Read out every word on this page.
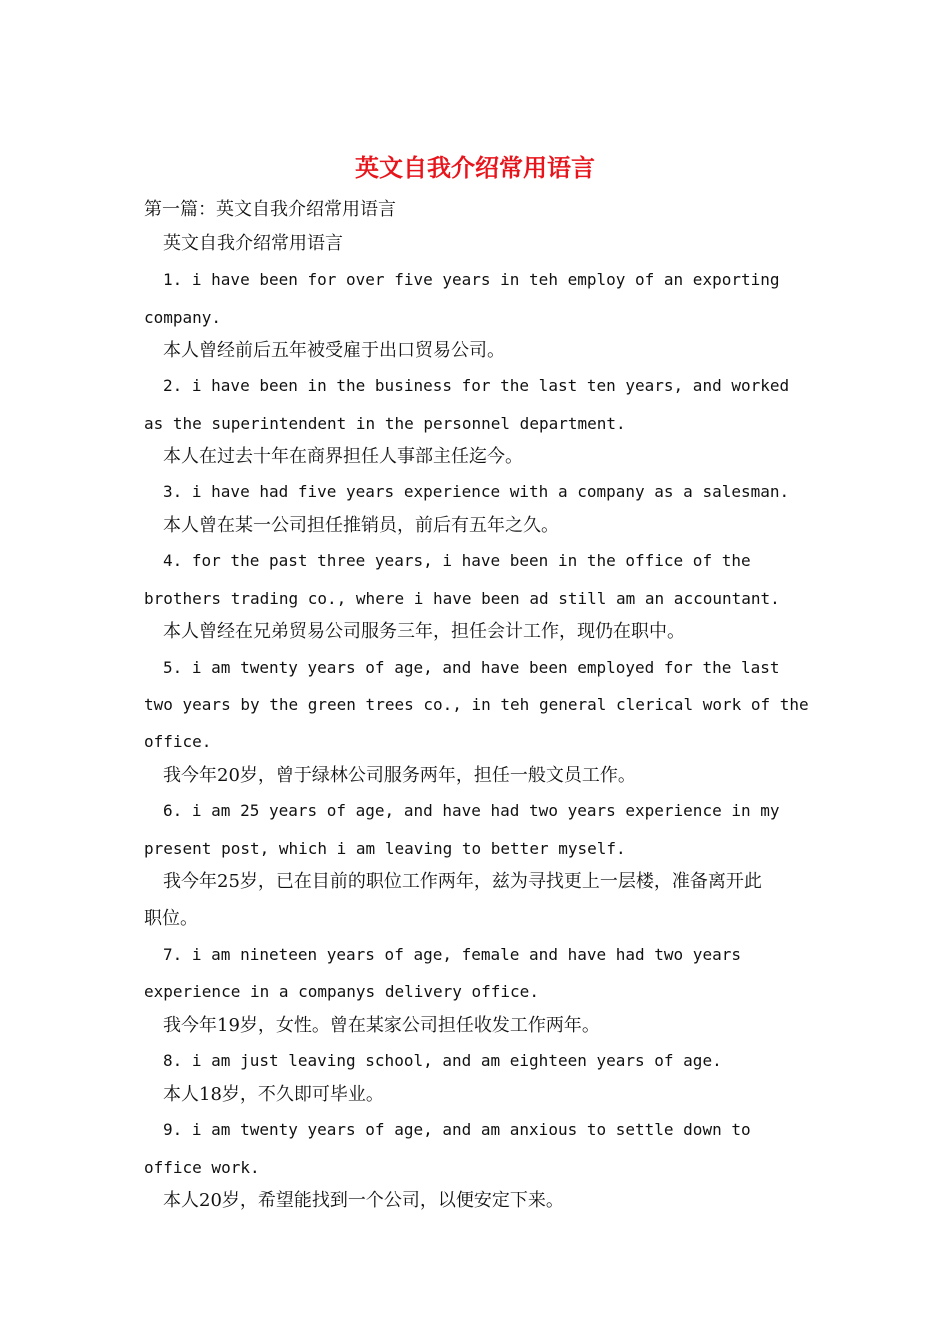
英文自我介绍常用语言

第一篇：英文自我介绍常用语言

英文自我介绍常用语言

1. i have been for over five years in teh employ of an exporting

company.

本人曾经前后五年被受雇于出口贸易公司。

2. i have been in the business for the last ten years, and worked

as the superintendent in the personnel department.

本人在过去十年在商界担任人事部主任迄今。

3. i have had five years experience with a company as a salesman.

本人曾在某一公司担任推销员，前后有五年之久。

4. for the past three years, i have been in the office of the

brothers trading co., where i have been ad still am an accountant.

本人曾经在兄弟贸易公司服务三年，担任会计工作，现仍在职中。

5. i am twenty years of age, and have been employed for the last

two years by the green trees co., in teh general clerical work of the

office.

我今年20岁，曾于绿林公司服务两年，担任一般文员工作。

6. i am 25 years of age, and have had two years experience in my

present post, which i am leaving to better myself.

我今年25岁，已在目前的职位工作两年，兹为寻找更上一层楼，准备离开此

职位。

7. i am nineteen years of age, female and have had two years

experience in a companys delivery office.

我今年19岁，女性。曾在某家公司担任收发工作两年。

8. i am just leaving school, and am eighteen years of age.

本人18岁，不久即可毕业。

9. i am twenty years of age, and am anxious to settle down to

office work.

本人20岁，希望能找到一个公司，以便安定下来。
